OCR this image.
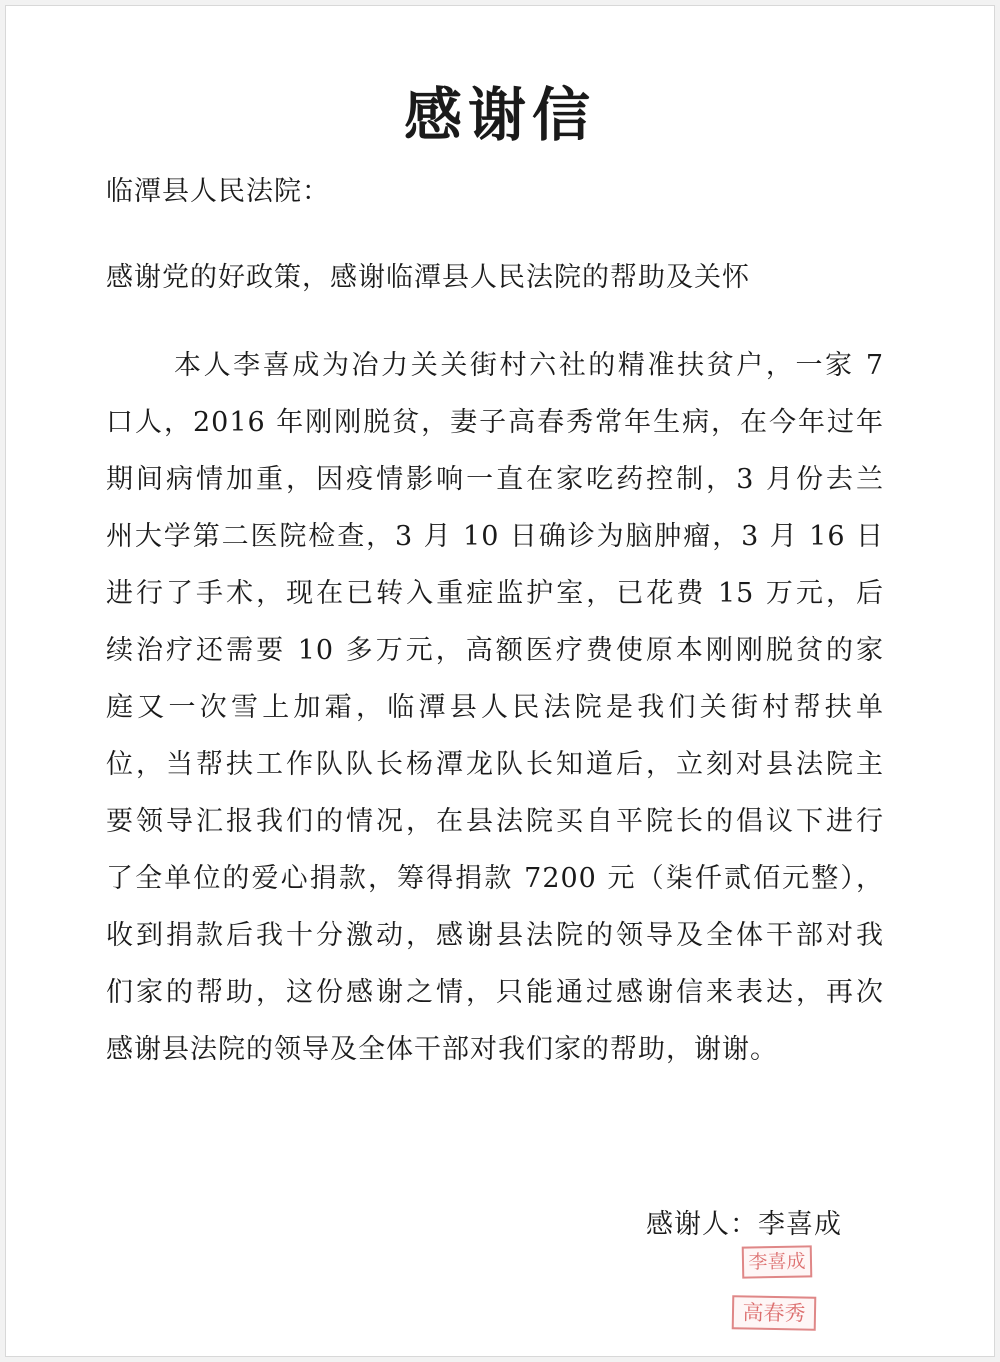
感谢信
临潭县人民法院：
感谢党的好政策，感谢临潭县人民法院的帮助及关怀
本人李喜成为冶力关关街村六社的精准扶贫户，一家 7
口人，2016 年刚刚脱贫，妻子高春秀常年生病，在今年过年
期间病情加重，因疫情影响一直在家吃药控制，3 月份去兰
州大学第二医院检查，3 月 10 日确诊为脑肿瘤，3 月 16 日
进行了手术，现在已转入重症监护室，已花费 15 万元，后
续治疗还需要 10 多万元，高额医疗费使原本刚刚脱贫的家
庭又一次雪上加霜，临潭县人民法院是我们关街村帮扶单
位，当帮扶工作队队长杨潭龙队长知道后，立刻对县法院主
要领导汇报我们的情况，在县法院买自平院长的倡议下进行
了全单位的爱心捐款，筹得捐款 7200 元（柒仟贰佰元整），
收到捐款后我十分激动，感谢县法院的领导及全体干部对我
们家的帮助，这份感谢之情，只能通过感谢信来表达，再次
感谢县法院的领导及全体干部对我们家的帮助，谢谢。
感谢人：李喜成
李喜成
高春秀
